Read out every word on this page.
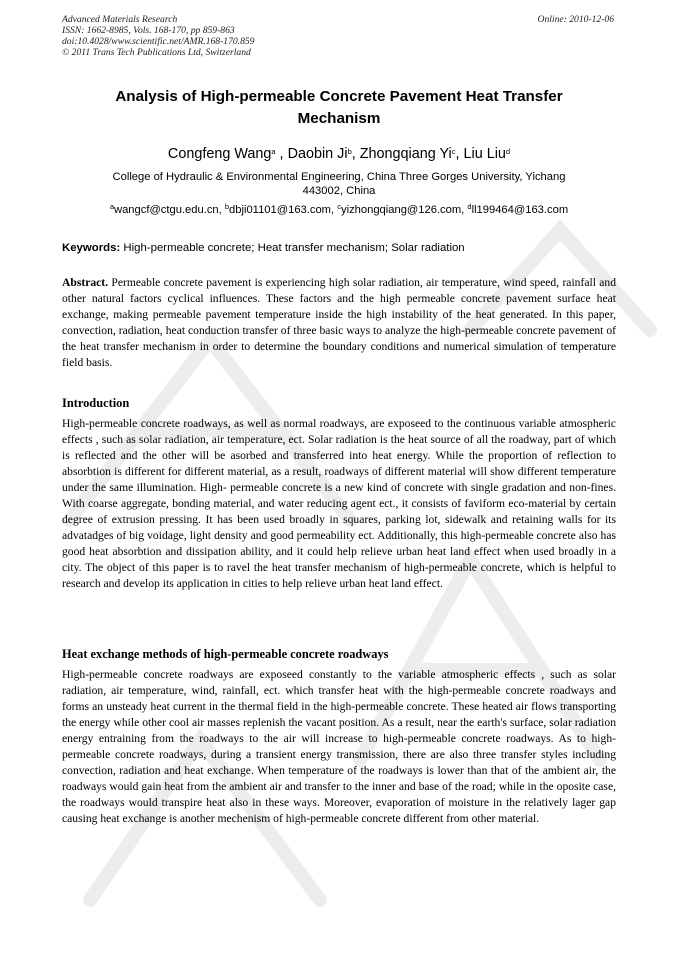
Advanced Materials Research
ISSN: 1662-8985, Vols. 168-170, pp 859-863
doi:10.4028/www.scientific.net/AMR.168-170.859
© 2011 Trans Tech Publications Ltd, Switzerland
Online: 2010-12-06
Analysis of High-permeable Concrete Pavement Heat Transfer
Mechanism
Congfeng Wang$^a$ , Daobin Ji$^b$, Zhongqiang Yi$^c$, Liu Liu$^d$
College of Hydraulic & Environmental Engineering, China Three Gorges University, Yichang
443002, China
$^a$wangcf@ctgu.edu.cn, $^b$dbji01101@163.com, $^c$yizhongqiang@126.com, $^d$ll199464@163.com
Keywords: High-permeable concrete; Heat transfer mechanism; Solar radiation

Abstract. Permeable concrete pavement is experiencing high solar radiation, air temperature, wind speed, rainfall and other natural factors cyclical influences. These factors and the high permeable concrete pavement surface heat exchange, making permeable pavement temperature inside the high instability of the heat generated. In this paper, convection, radiation, heat conduction transfer of three basic ways to analyze the high-permeable concrete pavement of the heat transfer mechanism in order to determine the boundary conditions and numerical simulation of temperature field basis.

Introduction

High-permeable concrete roadways, as well as normal roadways, are exposeed to the continuous variable atmospheric effects , such as solar radiation, air temperature, ect. Solar radiation is the heat source of all the roadway, part of which is reflected and the other will be asorbed and transferred into heat energy. While the proportion of reflection to absorbtion is different for different material, as a result, roadways of different material will show different temperature under the same illumination. High- permeable concrete is a new kind of concrete with single gradation and non-fines. With coarse aggregate, bonding material, and water reducing agent ect., it consists of faviform eco-material by certain degree of extrusion pressing. It has been used broadly in squares, parking lot, sidewalk and retaining walls for its advatadges of big voidage, light density and good permeability ect. Additionally, this high-permeable concrete also has good heat absorbtion and dissipation ability, and it could help relieve urban heat land effect when used broadly in a city. The object of this paper is to ravel the heat transfer mechanism of high-permeable concrete, which is helpful to research and develop its application in cities to help relieve urban heat land effect.

Heat exchange methods of high-permeable concrete roadways

High-permeable concrete roadways are exposeed constantly to the variable atmospheric effects , such as solar radiation, air temperature, wind, rainfall, ect. which transfer heat with the high-permeable concrete roadways and forms an unsteady heat current in the thermal field in the high-permeable concrete. These heated air flows transporting the energy while other cool air masses replenish the vacant position. As a result, near the earth's surface, solar radiation energy entraining from the roadways to the air will increase to high-permeable concrete roadways. As to high-permeable concrete roadways, during a transient energy transmission, there are also three transfer styles including convection, radiation and heat exchange. When temperature of the roadways is lower than that of the ambient air, the roadways would gain heat from the ambient air and transfer to the inner and base of the road; while in the oposite case, the roadways would transpire heat also in these ways. Moreover, evaporation of moisture in the relatively lager gap causing heat exchange is another mechenism of high-permeable concrete different from other material.
